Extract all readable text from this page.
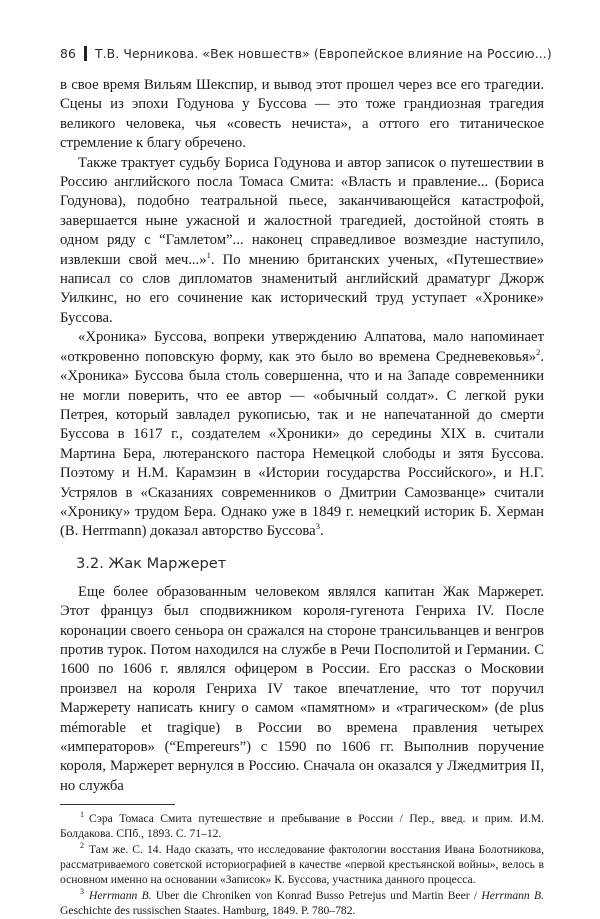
86 Т.В. Черникова. «Век новшеств» (Европейское влияние на Россию...)

в свое время Вильям Шекспир, и вывод этот прошел через все его трагедии. Сцены из эпохи Годунова у Буссова — это тоже грандиозная трагедия великого человека, чья «совесть нечиста», а оттого его титаническое стремление к благу обречено.

Также трактует судьбу Бориса Годунова и автор записок о путешествии в Россию английского посла Томаса Смита: «Власть и правление... (Бориса Годунова), подобно театральной пьесе, заканчивающейся катастрофой, завершается ныне ужасной и жалостной трагедией, достойной стоять в одном ряду с “Гамлетом”... наконец справедливое возмездие наступило, извлекши свой меч...»$^1$. По мнению британских ученых, «Путешествие» написал со слов дипломатов знаменитый английский драматург Джорж Уилкинс, но его сочинение как исторический труд уступает «Хронике» Буссова.

«Хроника» Буссова, вопреки утверждению Алпатова, мало напоминает «откровенно поповскую форму, как это было во времена Средневековья»$^2$. «Хроника» Буссова была столь совершенна, что и на Западе современники не могли поверить, что ее автор — «обычный солдат». С легкой руки Петрея, который завладел рукописью, так и не напечатанной до смерти Буссова в 1617 г., создателем «Хроники» до середины XIX в. считали Мартина Бера, лютеранского пастора Немецкой слободы и зятя Буссова. Поэтому и Н.М. Карамзин в «Истории государства Российского», и Н.Г. Устрялов в «Сказаниях современников о Дмитрии Самозванце» считали «Хронику» трудом Бера. Однако уже в 1849 г. немецкий историк Б. Херман (B. Herrmann) доказал авторство Буссова$^3$.

3.2. Жак Маржерет

Еще более образованным человеком являлся капитан Жак Маржерет. Этот француз был сподвижником короля-гугенота Генриха IV. После коронации своего сеньора он сражался на стороне трансильванцев и венгров против турок. Потом находился на службе в Речи Посполитой и Германии. С 1600 по 1606 г. являлся офицером в России. Его рассказ о Московии произвел на короля Генриха IV такое впечатление, что тот поручил Маржерету написать книгу о самом «памятном» и «трагическом» (de plus mémorable et tragique) в России во времена правления четырех «императоров» (“Empereurs”) с 1590 по 1606 гг. Выполнив поручение короля, Маржерет вернулся в Россию. Сначала он оказался у Лжедмитрия II, но служба

$^1$ Сэра Томаса Смита путешествие и пребывание в России / Пер., введ. и прим. И.М. Болдакова. СПб., 1893. С. 71–12.

$^2$ Там же. С. 14. Надо сказать, что исследование фактологии восстания Ивана Болотникова, рассматриваемого советской историографией в качестве «первой крестьянской войны», велось в основном именно на основании «Записок» К. Буссова, участника данного процесса.

$^3$ Herrmann B. Uber die Chroniken von Konrad Busso Petrejus und Martin Beer / Herrmann B. Geschichte des russischen Staates. Hamburg, 1849. P. 780–782.
